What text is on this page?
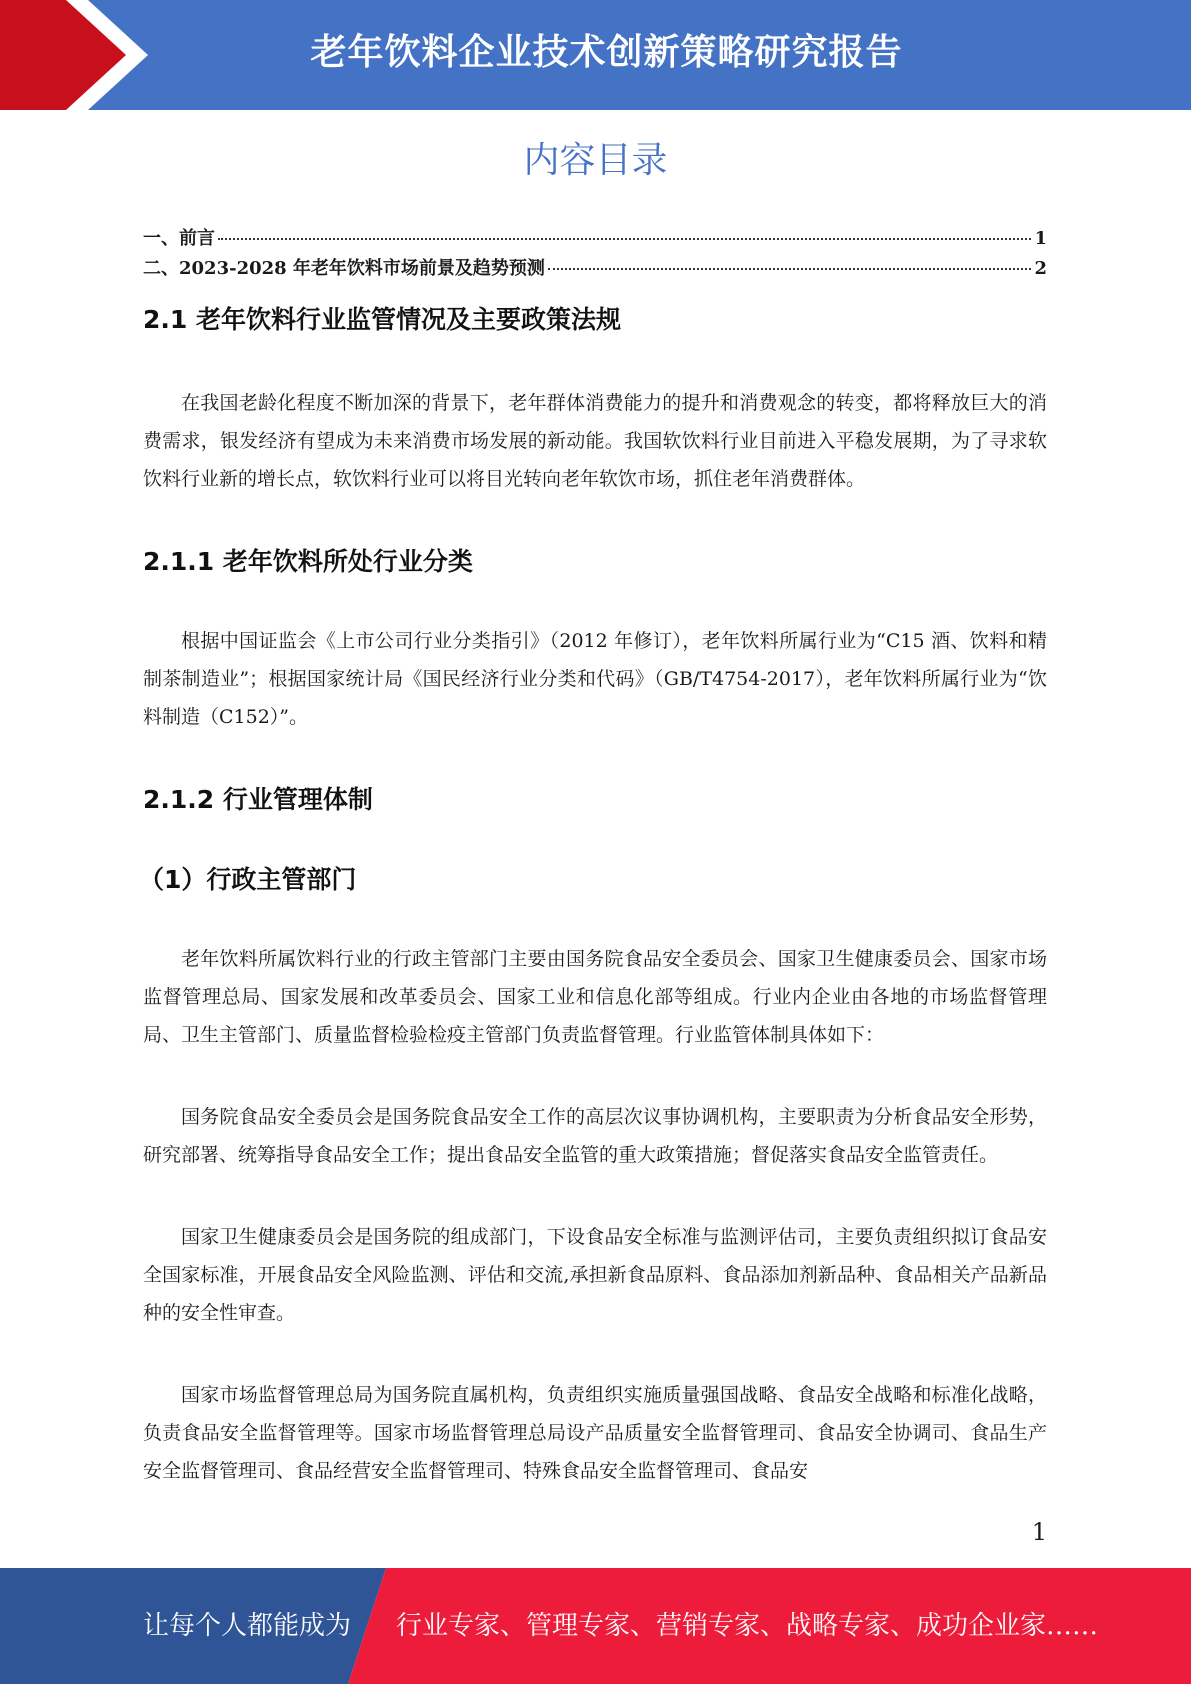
老年饮料企业技术创新策略研究报告
内容目录
一、前言	1
二、2023-2028 年老年饮料市场前景及趋势预测	2
2.1 老年饮料行业监管情况及主要政策法规

在我国老龄化程度不断加深的背景下，老年群体消费能力的提升和消费观念的转变，都将释放巨大的消费需求，银发经济有望成为未来消费市场发展的新动能。我国软饮料行业目前进入平稳发展期，为了寻求软饮料行业新的增长点，软饮料行业可以将目光转向老年软饮市场，抓住老年消费群体。

2.1.1 老年饮料所处行业分类

根据中国证监会《上市公司行业分类指引》（2012 年修订），老年饮料所属行业为“C15 酒、饮料和精制茶制造业”；根据国家统计局《国民经济行业分类和代码》（GB/T4754-2017），老年饮料所属行业为“饮料制造（C152）”。

2.1.2 行业管理体制
（1）行政主管部门

老年饮料所属饮料行业的行政主管部门主要由国务院食品安全委员会、国家卫生健康委员会、国家市场监督管理总局、国家发展和改革委员会、国家工业和信息化部等组成。行业内企业由各地的市场监督管理局、卫生主管部门、质量监督检验检疫主管部门负责监督管理。行业监管体制具体如下：

国务院食品安全委员会是国务院食品安全工作的高层次议事协调机构，主要职责为分析食品安全形势，研究部署、统筹指导食品安全工作；提出食品安全监管的重大政策措施；督促落实食品安全监管责任。

国家卫生健康委员会是国务院的组成部门，下设食品安全标准与监测评估司，主要负责组织拟订食品安全国家标准，开展食品安全风险监测、评估和交流,承担新食品原料、食品添加剂新品种、食品相关产品新品种的安全性审查。

国家市场监督管理总局为国务院直属机构，负责组织实施质量强国战略、食品安全战略和标准化战略，负责食品安全监督管理等。国家市场监督管理总局设产品质量安全监督管理司、食品安全协调司、食品生产安全监督管理司、食品经营安全监督管理司、特殊食品安全监督管理司、食品安

1
让每个人都能成为 行业专家、管理专家、营销专家、战略专家、成功企业家……
